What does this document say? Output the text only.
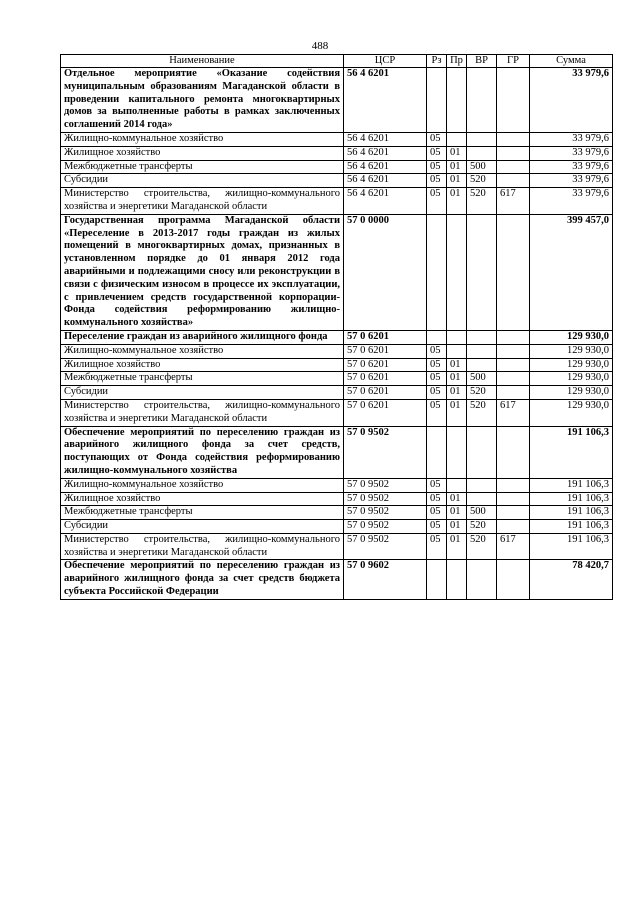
488
Наименование	ЦСР	Рз	Пр	ВР	ГР	Сумма
Отдельное мероприятие «Оказание содействия муниципальным образованиям Магаданской области в проведении капитального ремонта многоквартирных домов за выполненные работы в рамках заключенных соглашений 2014 года»	56 4 6201					33 979,6
Жилищно-коммунальное хозяйство	56 4 6201	05				33 979,6
Жилищное хозяйство	56 4 6201	05	01			33 979,6
Межбюджетные трансферты	56 4 6201	05	01	500		33 979,6
Субсидии	56 4 6201	05	01	520		33 979,6
Министерство строительства, жилищно-коммунального хозяйства и энергетики Магаданской области	56 4 6201	05	01	520	617	33 979,6
Государственная программа Магаданской области «Переселение в 2013-2017 годы граждан из жилых помещений в многоквартирных домах, признанных в установленном порядке до 01 января 2012 года аварийными и подлежащими сносу или реконструкции в связи с физическим износом в процессе их эксплуатации, с привлечением средств государственной корпорации-Фонда содействия реформированию жилищно-коммунального хозяйства»	57 0 0000					399 457,0
Переселение граждан из аварийного жилищного фонда	57 0 6201					129 930,0
Жилищно-коммунальное хозяйство	57 0 6201	05				129 930,0
Жилищное хозяйство	57 0 6201	05	01			129 930,0
Межбюджетные трансферты	57 0 6201	05	01	500		129 930,0
Субсидии	57 0 6201	05	01	520		129 930,0
Министерство строительства, жилищно-коммунального хозяйства и энергетики Магаданской области	57 0 6201	05	01	520	617	129 930,0
Обеспечение мероприятий по переселению граждан из аварийного жилищного фонда за счет средств, поступающих от Фонда содействия реформированию жилищно-коммунального хозяйства	57 0 9502					191 106,3
Жилищно-коммунальное хозяйство	57 0 9502	05				191 106,3
Жилищное хозяйство	57 0 9502	05	01			191 106,3
Межбюджетные трансферты	57 0 9502	05	01	500		191 106,3
Субсидии	57 0 9502	05	01	520		191 106,3
Министерство строительства, жилищно-коммунального хозяйства и энергетики Магаданской области	57 0 9502	05	01	520	617	191 106,3
Обеспечение мероприятий по переселению граждан из аварийного жилищного фонда за счет средств бюджета субъекта Российской Федерации	57 0 9602					78 420,7
